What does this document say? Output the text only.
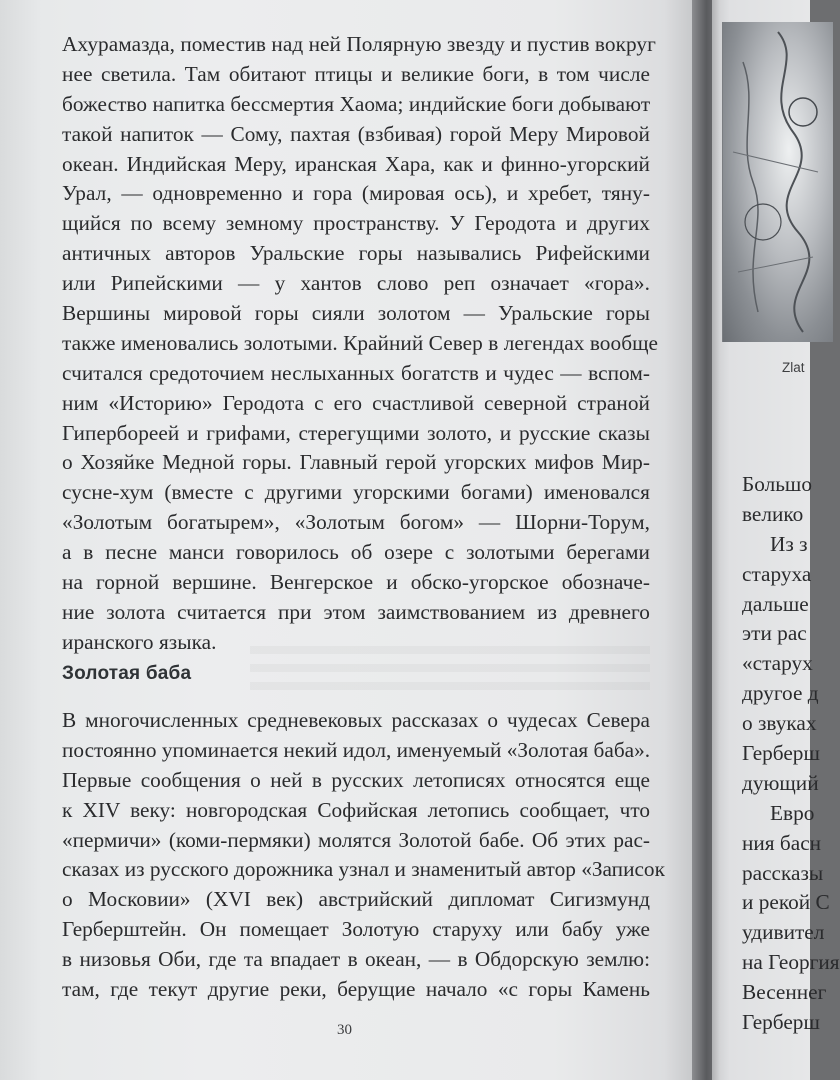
Ахурамазда, поместив над ней Полярную звезду и пустив вокруг
нее светила. Там обитают птицы и великие боги, в том числе
божество напитка бессмертия Хаома; индийские боги добывают
такой напиток — Сому, пахтая (взбивая) горой Меру Мировой
океан. Индийская Меру, иранская Хара, как и финно-угорский
Урал, — одновременно и гора (мировая ось), и хребет, тяну-
щийся по всему земному пространству. У Геродота и других
античных авторов Уральские горы назывались Рифейскими
или Рипейскими — у хантов слово реп означает «гора».
Вершины мировой горы сияли золотом — Уральские горы
также именовались золотыми. Крайний Север в легендах вообще
считался средоточием неслыханных богатств и чудес — вспом-
ним «Историю» Геродота с его счастливой северной страной
Гипербореей и грифами, стерегущими золото, и русские сказы
о Хозяйке Медной горы. Главный герой угорских мифов Мир-
сусне-хум (вместе с другими угорскими богами) именовался
«Золотым богатырем», «Золотым богом» — Шорни-Торум,
а в песне манси говорилось об озере с золотыми берегами
на горной вершине. Венгерское и обско-угорское обозначе-
ние золота считается при этом заимствованием из древнего
иранского языка.
Золотая баба
В многочисленных средневековых рассказах о чудесах Севера
постоянно упоминается некий идол, именуемый «Золотая баба».
Первые сообщения о ней в русских летописях относятся еще
к XIV веку: новгородская Софийская летопись сообщает, что
«пермичи» (коми-пермяки) молятся Золотой бабе. Об этих рас-
сказах из русского дорожника узнал и знаменитый автор «Записок
о Московии» (XVI век) австрийский дипломат Сигизмунд
Герберштейн. Он помещает Золотую старуху или бабу уже
в низовья Оби, где та впадает в океан, — в Обдорскую землю:
там, где текут другие реки, берущие начало «с горы Камень
30
Zlat
Большо
велико
Из з
старуха
дальше
эти рас
«старух
другое д
о звуках
Герберш
дующий
Евро
ния басн
рассказы
и рекой С
удивител
на Георгия
Весеннег
Герберш
